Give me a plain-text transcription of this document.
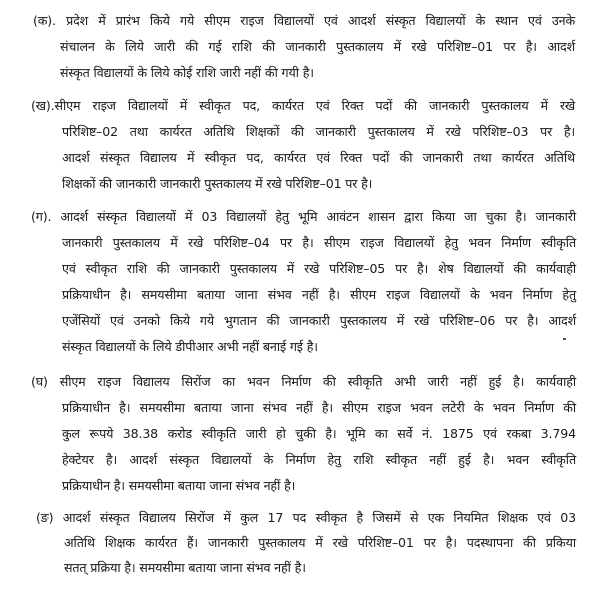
(क). प्रदेश में प्रारंभ किये गये सीएम राइज विद्यालयों एवं आदर्श संस्कृत विद्यालयों के स्थान एवं उनके
संचालन के लिये जारी की गई राशि की जानकारी पुस्तकालय में रखे परिशिष्ट–01 पर है। आदर्श
संस्कृत विद्यालयों के लिये कोई राशि जारी नहीं की गयी है।
(ख).सीएम राइज विद्यालयों में स्वीकृत पद, कार्यरत एवं रिक्त पदों की जानकारी पुस्तकालय में रखे
परिशिष्ट–02 तथा कार्यरत अतिथि शिक्षकों की जानकारी पुस्तकालय में रखे परिशिष्ट–03 पर है।
आदर्श संस्कृत विद्यालय में स्वीकृत पद, कार्यरत एवं रिक्त पदों की जानकारी तथा कार्यरत अतिथि
शिक्षकों की जानकारी जानकारी पुस्तकालय में रखे परिशिष्ट–01 पर है।
(ग). आदर्श संस्कृत विद्यालयों में 03 विद्यालयों हेतु भूमि आवंटन शासन द्वारा किया जा चुका है। जानकारी
जानकारी पुस्तकालय में रखे परिशिष्ट–04 पर है। सीएम राइज विद्यालयों हेतु भवन निर्माण स्वीकृति
एवं स्वीकृत राशि की जानकारी पुस्तकालय में रखे परिशिष्ट–05 पर है। शेष विद्यालयों की कार्यवाही
प्रक्रियाधीन है। समयसीमा बताया जाना संभव नहीं है। सीएम राइज विद्यालयों के भवन निर्माण हेतु
एजेंसियों एवं उनको किये गये भुगतान की जानकारी पुस्तकालय में रखे परिशिष्ट–06 पर है। आदर्श
संस्कृत विद्यालयों के लिये डीपीआर अभी नहीं बनाई गई है।
(घ) सीएम राइज विद्यालय सिरोंज का भवन निर्माण की स्वीकृति अभी जारी नहीं हुई है। कार्यवाही
प्रक्रियाधीन है। समयसीमा बताया जाना संभव नहीं है। सीएम राइज भवन लटेरी के भवन निर्माण की
कुल रूपये 38.38 करोड स्वीकृति जारी हो चुकी है। भूमि का सर्वे नं. 1875 एवं रकबा 3.794
हेक्टेयर है। आदर्श संस्कृत विद्यालयों के निर्माण हेतु राशि स्वीकृत नहीं हुई है। भवन स्वीकृति
प्रक्रियाधीन है। समयसीमा बताया जाना संभव नहीं है।
(ङ) आदर्श संस्कृत विद्यालय सिरोंज में कुल 17 पद स्वीकृत है जिसमें से एक नियमित शिक्षक एवं 03
अतिथि शिक्षक कार्यरत हैं। जानकारी पुस्तकालय में रखे परिशिष्ट–01 पर है। पदस्थापना की प्रकिया
सतत् प्रक्रिया है। समयसीमा बताया जाना संभव नहीं है।
